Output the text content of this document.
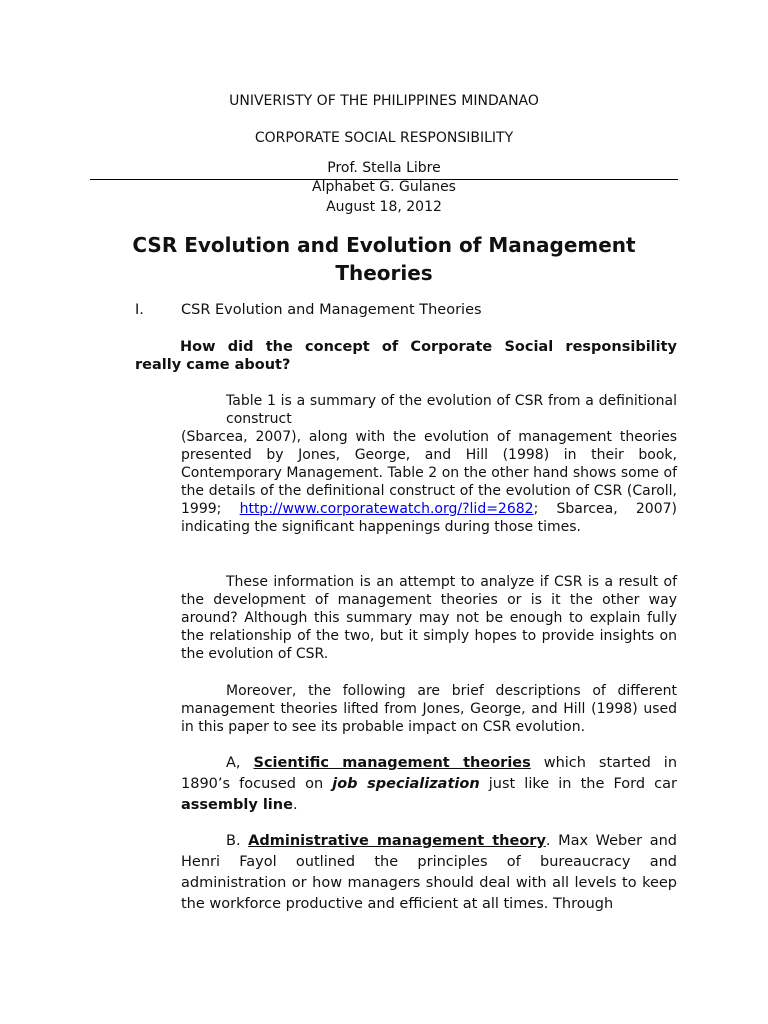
UNIVERISTY OF THE PHILIPPINES MINDANAO
CORPORATE SOCIAL RESPONSIBILITY
Prof. Stella Libre
Alphabet G. Gulanes
August 18, 2012
CSR Evolution and Evolution of Management Theories
I.	CSR Evolution and Management Theories
How did the concept of Corporate Social responsibility really came about?
Table 1 is a summary of the evolution of CSR from a definitional construct
(Sbarcea, 2007), along with the evolution of management theories presented by Jones, George, and Hill (1998) in their book, Contemporary Management. Table 2 on the other hand shows some of the details of the definitional construct of the evolution of CSR (Caroll, 1999; http://www.corporatewatch.org/?lid=2682; Sbarcea, 2007) indicating the significant happenings during those times.
These information is an attempt to analyze if CSR is a result of the development of management theories or is it the other way around? Although this summary may not be enough to explain fully the relationship of the two, but it simply hopes to provide insights on the evolution of CSR.
Moreover, the following are brief descriptions of different management theories lifted from Jones, George, and Hill (1998) used in this paper to see its probable impact on CSR evolution.
A, Scientific management theories which started in 1890’s focused on job specialization just like in the Ford car assembly line.
B. Administrative management theory. Max Weber and Henri Fayol outlined the principles of bureaucracy and administration or how managers should deal with all levels to keep the workforce productive and efficient at all times. Through
